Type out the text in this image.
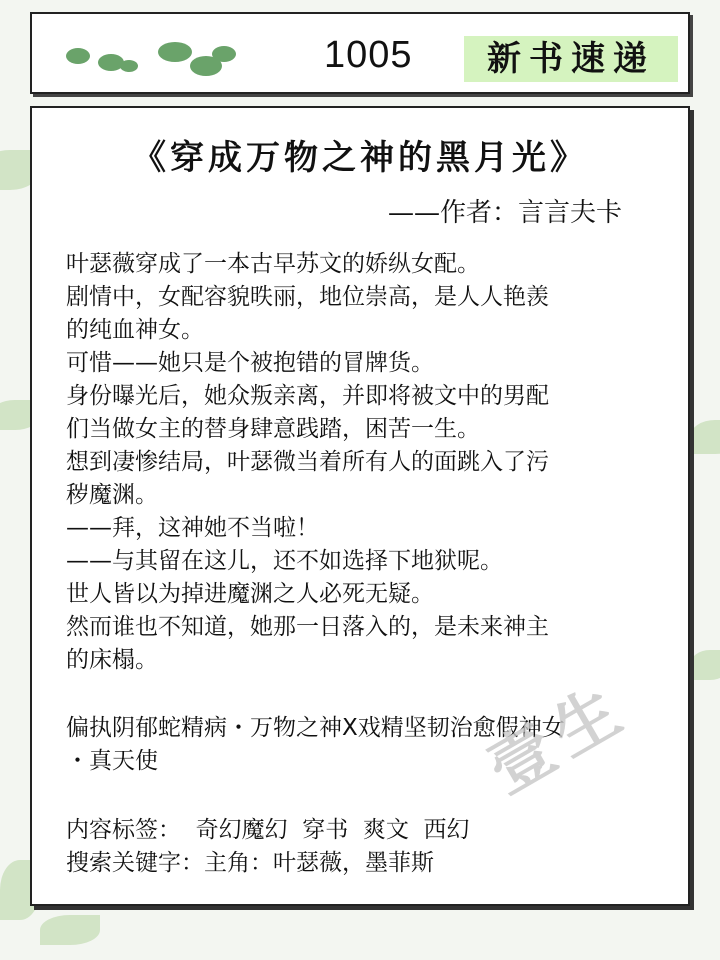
1005	新书速递
《穿成万物之神的黑月光》
——作者：言言夫卡

叶瑟薇穿成了一本古早苏文的娇纵女配。

剧情中，女配容貌昳丽，地位崇高，是人人艳羡

的纯血神女。

可惜——她只是个被抱错的冒牌货。

身份曝光后，她众叛亲离，并即将被文中的男配

们当做女主的替身肆意践踏，困苦一生。

想到凄惨结局，叶瑟微当着所有人的面跳入了污

秽魔渊。

——拜，这神她不当啦！

——与其留在这儿，还不如选择下地狱呢。

世人皆以为掉进魔渊之人必死无疑。

然而谁也不知道，她那一日落入的，是未来神主

的床榻。

偏执阴郁蛇精病・万物之神X戏精坚韧治愈假神女

・真天使

内容标签：  奇幻魔幻  穿书  爽文  西幻

搜索关键字：主角：叶瑟薇，墨菲斯

壹生
